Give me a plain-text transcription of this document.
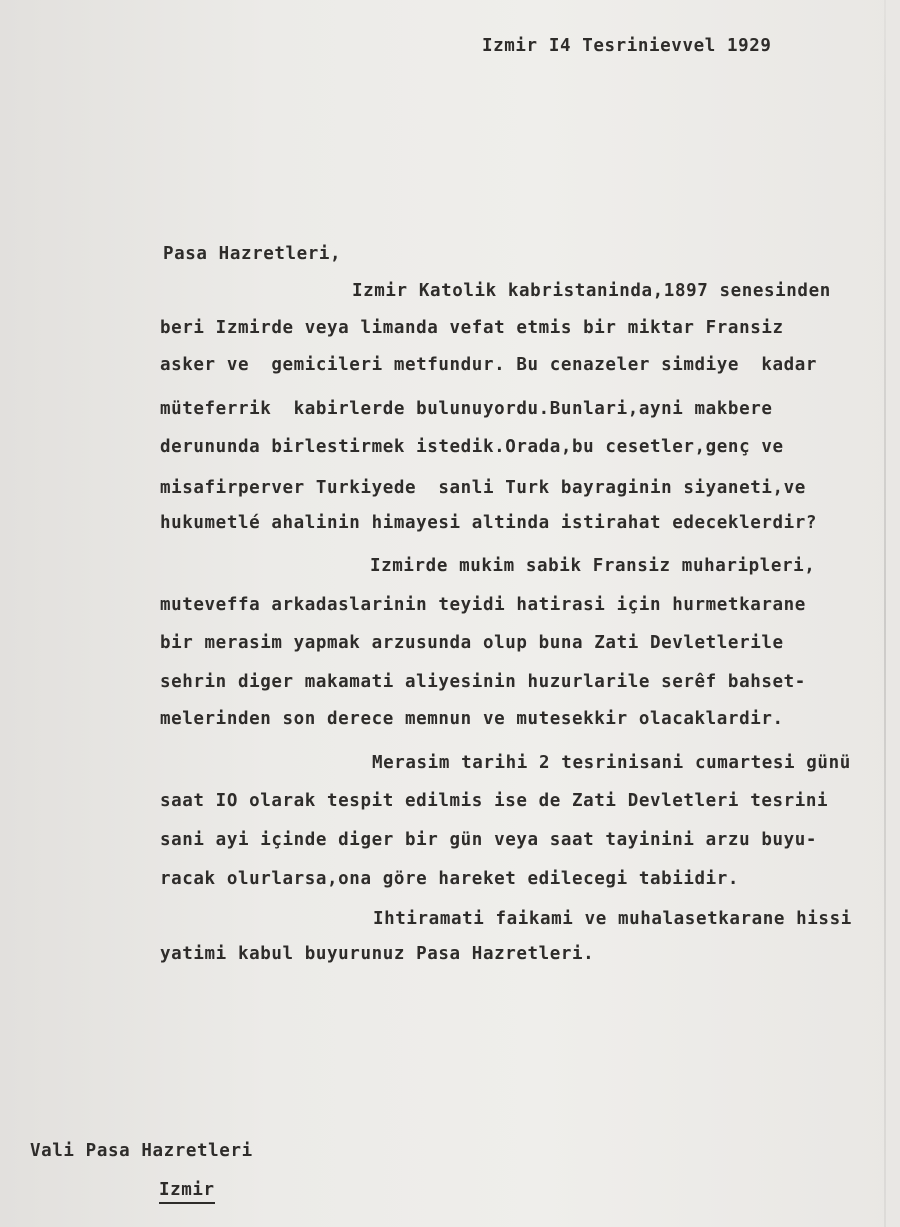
Izmir I4 Tesrinievvel 1929
Pasa Hazretleri,
Izmir Katolik kabristaninda,1897 senesinden
beri Izmirde veya limanda vefat etmis bir miktar Fransiz
asker ve  gemicileri metfundur. Bu cenazeler simdiye  kadar
müteferrik  kabirlerde bulunuyordu.Bunlari,ayni makbere
derununda birlestirmek istedik.Orada,bu cesetler,genç ve
misafirperver Turkiyede  sanli Turk bayraginin siyaneti,ve
hukumetlé ahalinin himayesi altinda istirahat edeceklerdir?
Izmirde mukim sabik Fransiz muharipleri,
muteveffa arkadaslarinin teyidi hatirasi için hurmetkarane
bir merasim yapmak arzusunda olup buna Zati Devletlerile
sehrin diger makamati aliyesinin huzurlarile serêf bahset-
melerinden son derece memnun ve mutesekkir olacaklardir.
Merasim tarihi 2 tesrinisani cumartesi günü
saat IO olarak tespit edilmis ise de Zati Devletleri tesrini
sani ayi içinde diger bir gün veya saat tayinini arzu buyu-
racak olurlarsa,ona göre hareket edilecegi tabiidir.
Ihtiramati faikami ve muhalasetkarane hissi
yatimi kabul buyurunuz Pasa Hazretleri.
Vali Pasa Hazretleri
Izmir
